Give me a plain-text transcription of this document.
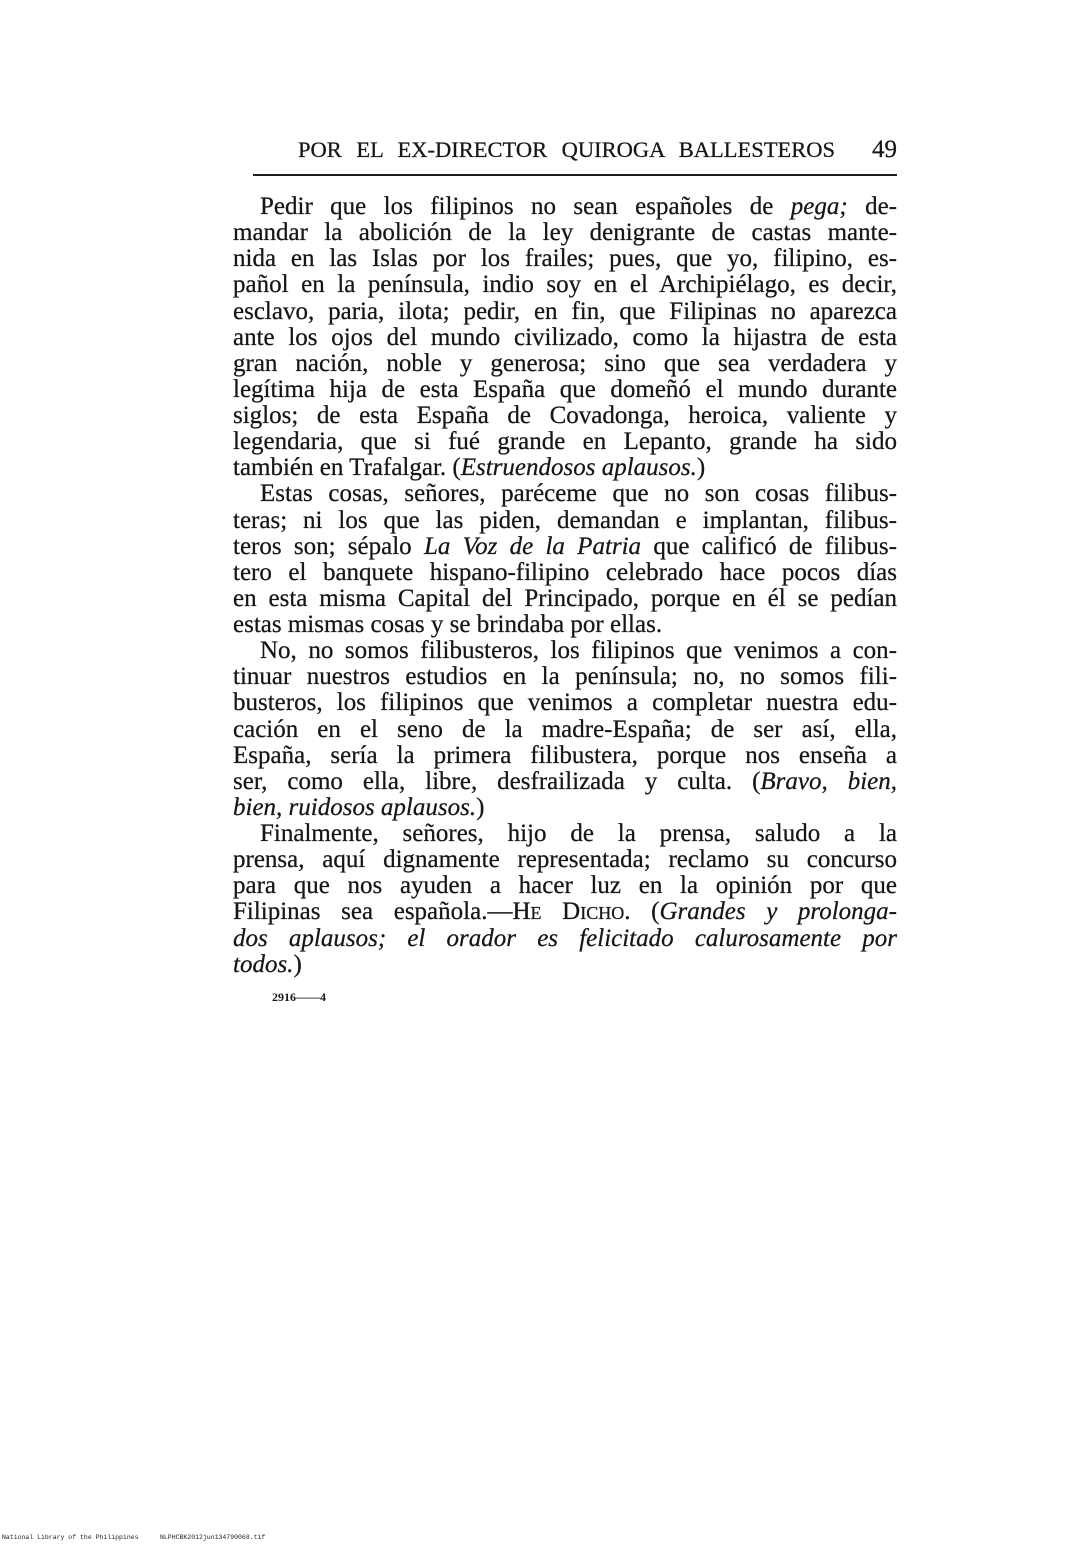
POR EL EX-DIRECTOR QUIROGA BALLESTEROS 49
Pedir que los filipinos no sean españoles de pega; de-
mandar la abolición de la ley denigrante de castas mante-
nida en las Islas por los frailes; pues, que yo, filipino, es-
pañol en la península, indio soy en el Archipiélago, es decir,
esclavo, paria, ilota; pedir, en fin, que Filipinas no aparezca
ante los ojos del mundo civilizado, como la hijastra de esta
gran nación, noble y generosa; sino que sea verdadera y
legítima hija de esta España que domeñó el mundo durante
siglos; de esta España de Covadonga, heroica, valiente y
legendaria, que si fué grande en Lepanto, grande ha sido
también en Trafalgar. (Estruendosos aplausos.)
Estas cosas, señores, paréceme que no son cosas filibus-
teras; ni los que las piden, demandan e implantan, filibus-
teros son; sépalo La Voz de la Patria que calificó de filibus-
tero el banquete hispano-filipino celebrado hace pocos días
en esta misma Capital del Principado, porque en él se pedían
estas mismas cosas y se brindaba por ellas.
No, no somos filibusteros, los filipinos que venimos a con-
tinuar nuestros estudios en la península; no, no somos fili-
busteros, los filipinos que venimos a completar nuestra edu-
cación en el seno de la madre-España; de ser así, ella,
España, sería la primera filibustera, porque nos enseña a
ser, como ella, libre, desfrailizada y culta. (Bravo, bien,
bien, ruidosos aplausos.)
Finalmente, señores, hijo de la prensa, saludo a la
prensa, aquí dignamente representada; reclamo su concurso
para que nos ayuden a hacer luz en la opinión por que
Filipinas sea española.—He Dicho. (Grandes y prolonga-
dos aplausos; el orador es felicitado calurosamente por
todos.)
2916——4
National Library of the Philippines	NLPHCBK2012jun134790068.tif
